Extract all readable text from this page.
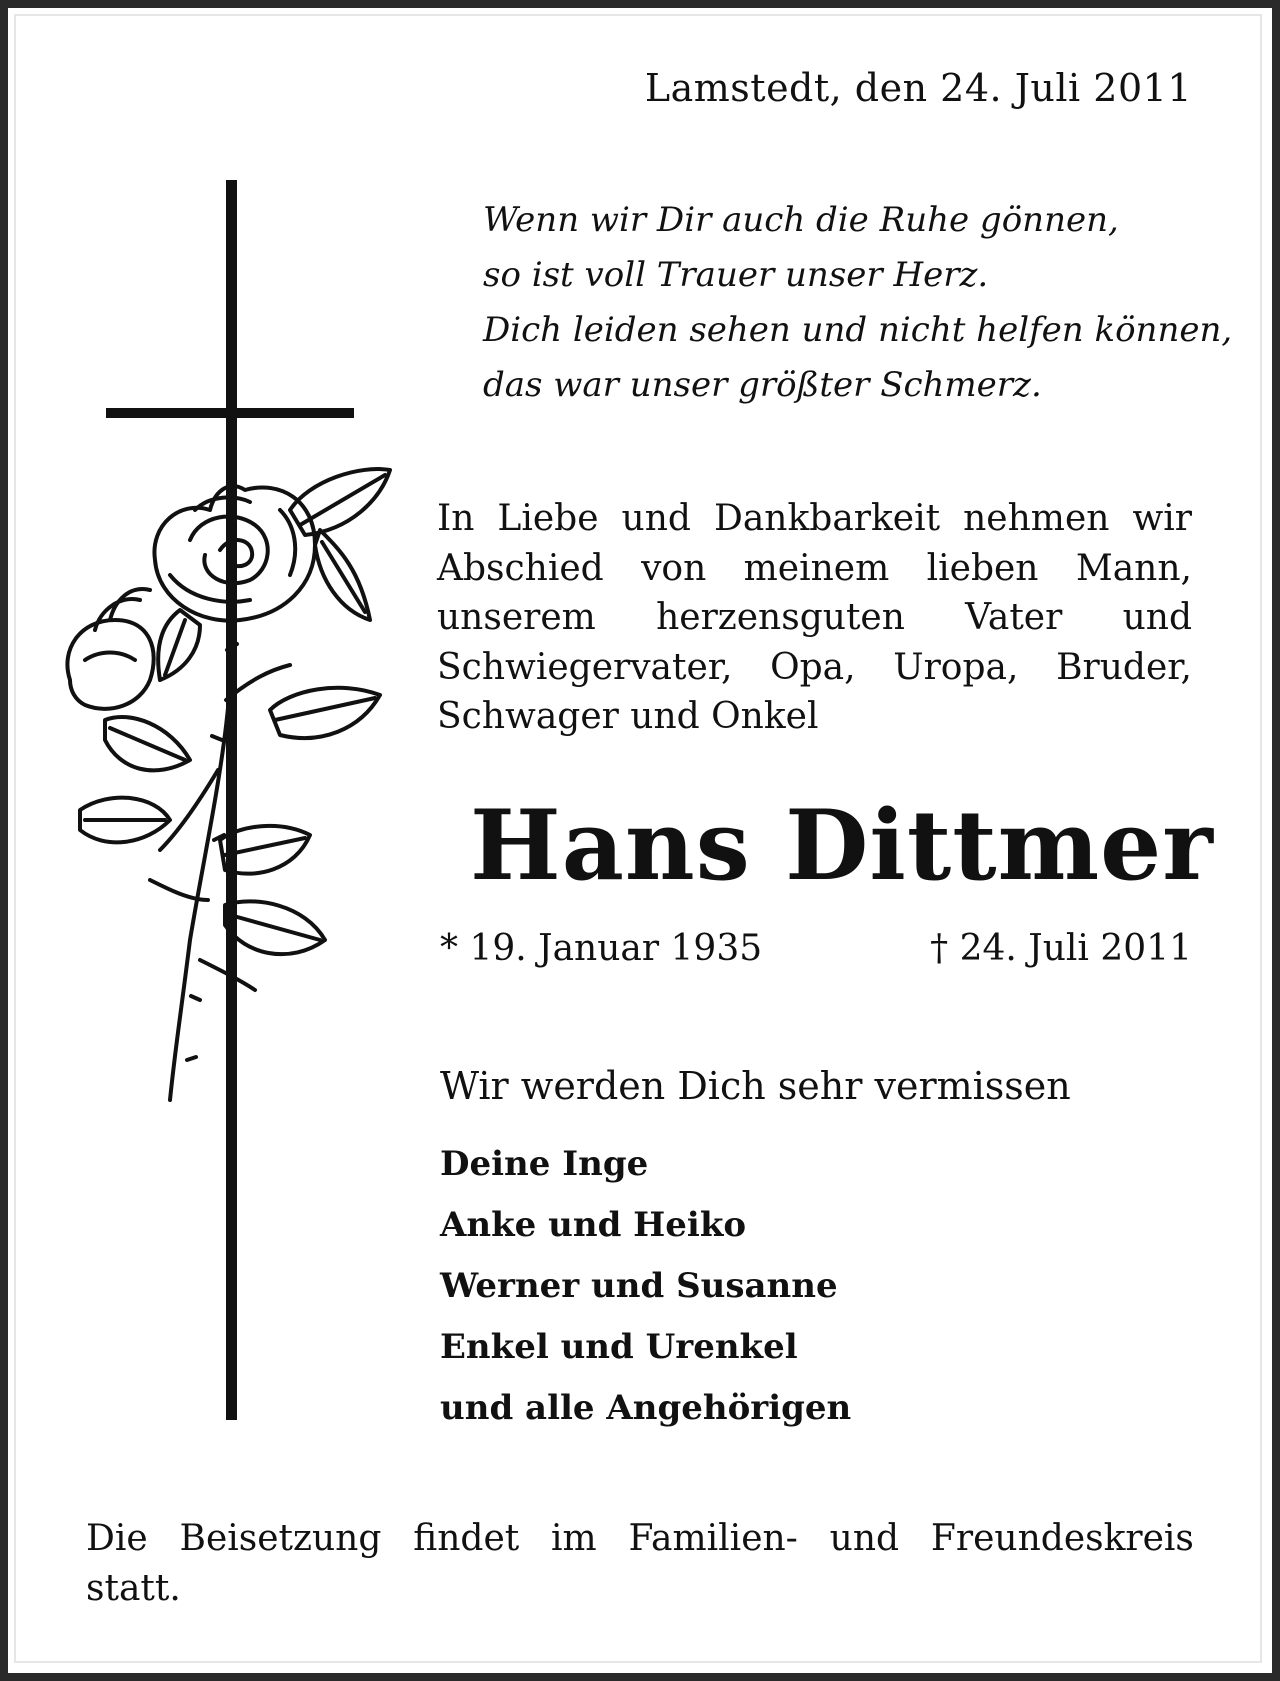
Lamstedt, den 24. Juli 2011
Wenn wir Dir auch die Ruhe gönnen,
so ist voll Trauer unser Herz.
Dich leiden sehen und nicht helfen können,
das war unser größter Schmerz.
In Liebe und Dankbarkeit nehmen wir
Abschied von meinem lieben Mann,
unserem herzensguten Vater und
Schwiegervater, Opa, Uropa, Bruder,
Schwager und Onkel
Hans Dittmer
* 19. Januar 1935	† 24. Juli 2011
Wir werden Dich sehr vermissen
Deine Inge
Anke und Heiko
Werner und Susanne
Enkel und Urenkel
und alle Angehörigen
Die Beisetzung findet im Familien- und Freundeskreis
statt.
